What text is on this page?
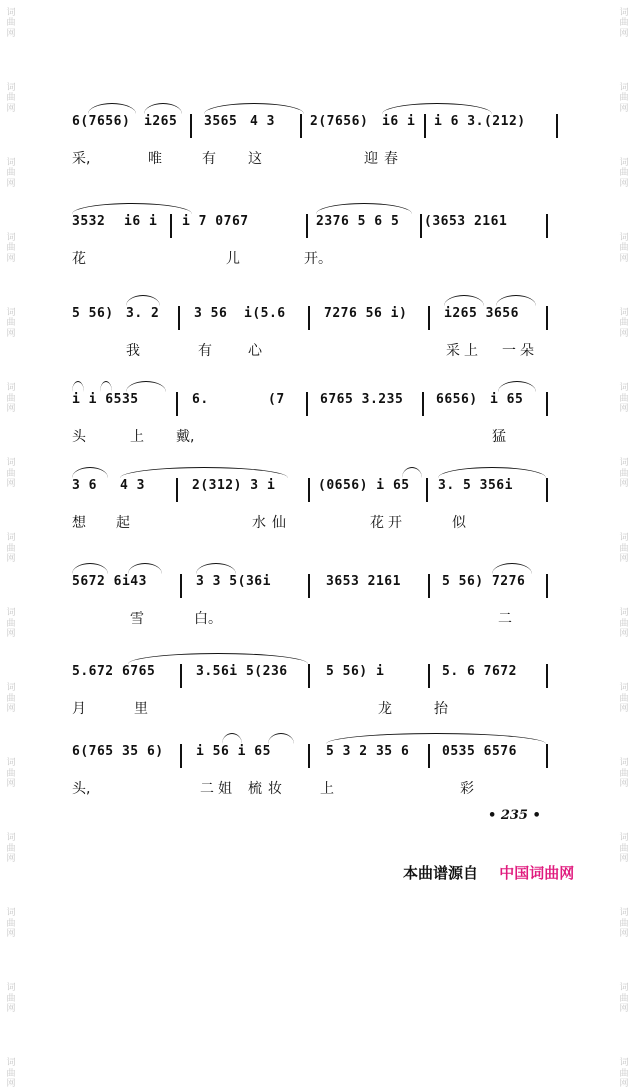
词
曲
网
词
曲
网
词
曲
网
词
曲
网
词
曲
网
词
曲
网
词
曲
网
词
曲
网
词
曲
网
词
曲
网
词
曲
网
词
曲
网
词
曲
网
词
曲
网
词
曲
网
词
曲
网
词
曲
网
词
曲
网
词
曲
网
词
曲
网
词
曲
网
词
曲
网
词
曲
网
词
曲
网
词
曲
网
词
曲
网
词
曲
网
词
曲
网
词
曲
网
词
曲
网
6(7656) i265 3565 4 3	2(7656) i6 i i 6 3.(212)
采,	唯	有 这	迎 春
3532 i6 i i 7 0767	2376 5 6 5 (3653 2161
花	儿	开。
5 56) 3. 2	3 56 i(5.6	7276 56 i)	i265 3656
我	有	心	采 上 一 朵
i i 6535	6.	(7	6765 3.235	6656) i 65
头	上 戴,	猛
3 6 4 3	2(312) 3 i	(0656) i 65 3. 5 356i
想 起	水 仙	花 开	似
5672 6i43	3 3 5(36i	3653 2161	5 56) 7276
雪	白。	二
5.672 6765	3.56i 5(236	5 56) i	5. 6 7672
月	里	龙	抬
6(765 35 6) i 56 i 65	5 3 2 35 6	0535 6576
头,	二 姐 梳 妆	上	彩
• 235 •
本曲谱源自 中国词曲网
